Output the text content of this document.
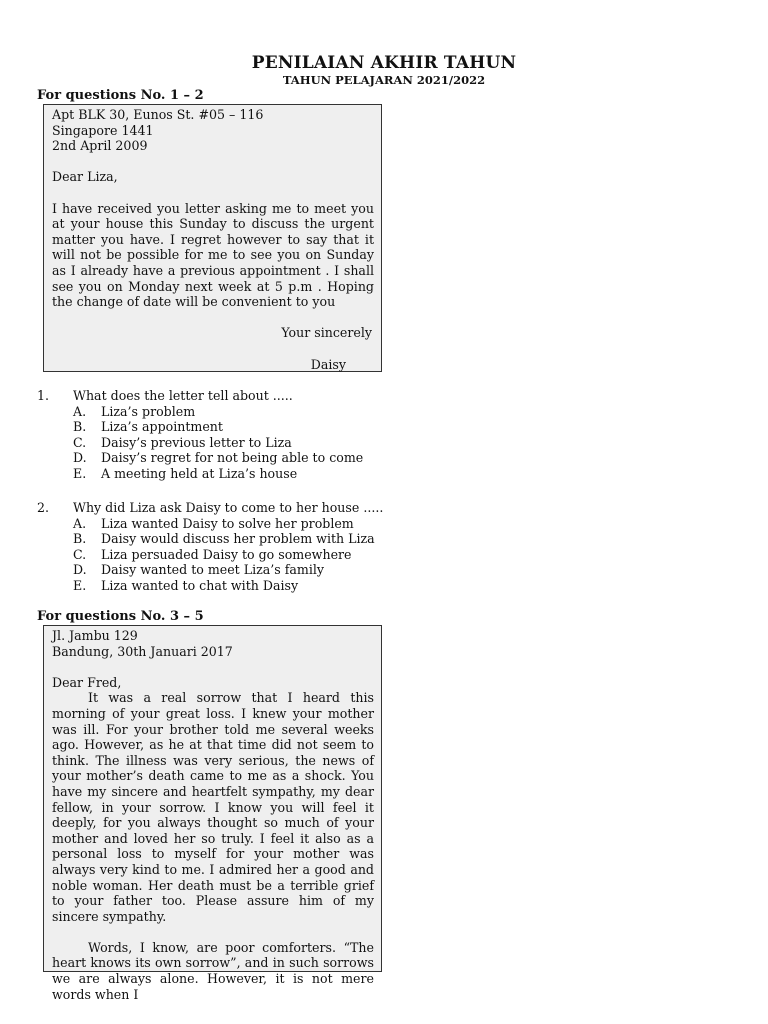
PENILAIAN AKHIR TAHUN
TAHUN PELAJARAN 2021/2022
For questions No. 1 – 2
Apt BLK 30, Eunos St. #05 – 116
Singapore 1441
2nd April 2009
Dear Liza,
I have received you letter asking me to meet you at your house this Sunday to discuss the urgent matter you have. I regret however to say that it will not be possible for me to see you on Sunday as I already have a previous appointment . I shall see you on Monday next week at 5 p.m . Hoping the change of date will be convenient to you
Your sincerely
Daisy
1. What does the letter tell about .....
A. Liza’s problem
B. Liza’s appointment
C. Daisy’s previous letter to Liza
D. Daisy’s regret for not being able to come
E. A meeting held at Liza’s house
2. Why did Liza ask Daisy to come to her house .....
A. Liza wanted Daisy to solve her problem
B. Daisy would discuss her problem with Liza
C. Liza persuaded Daisy to go somewhere
D. Daisy wanted to meet Liza’s family
E. Liza wanted to chat with Daisy
For questions No. 3 – 5
Jl. Jambu 129
Bandung, 30th Januari 2017
Dear Fred,
It was a real sorrow that I heard this morning of your great loss. I knew your mother was ill. For your brother told me several weeks ago. However, as he at that time did not seem to think. The illness was very serious, the news of your mother’s death came to me as a shock. You have my sincere and heartfelt sympathy, my dear fellow, in your sorrow. I know you will feel it deeply, for you always thought so much of your mother and loved her so truly. I feel it also as a personal loss to myself for your mother was always very kind to me. I admired her a good and noble woman. Her death must be a terrible grief to your father too. Please assure him of my sincere sympathy.
Words, I know, are poor comforters. “The heart knows its own sorrow”, and in such sorrows we are always alone. However, it is not mere words when I
